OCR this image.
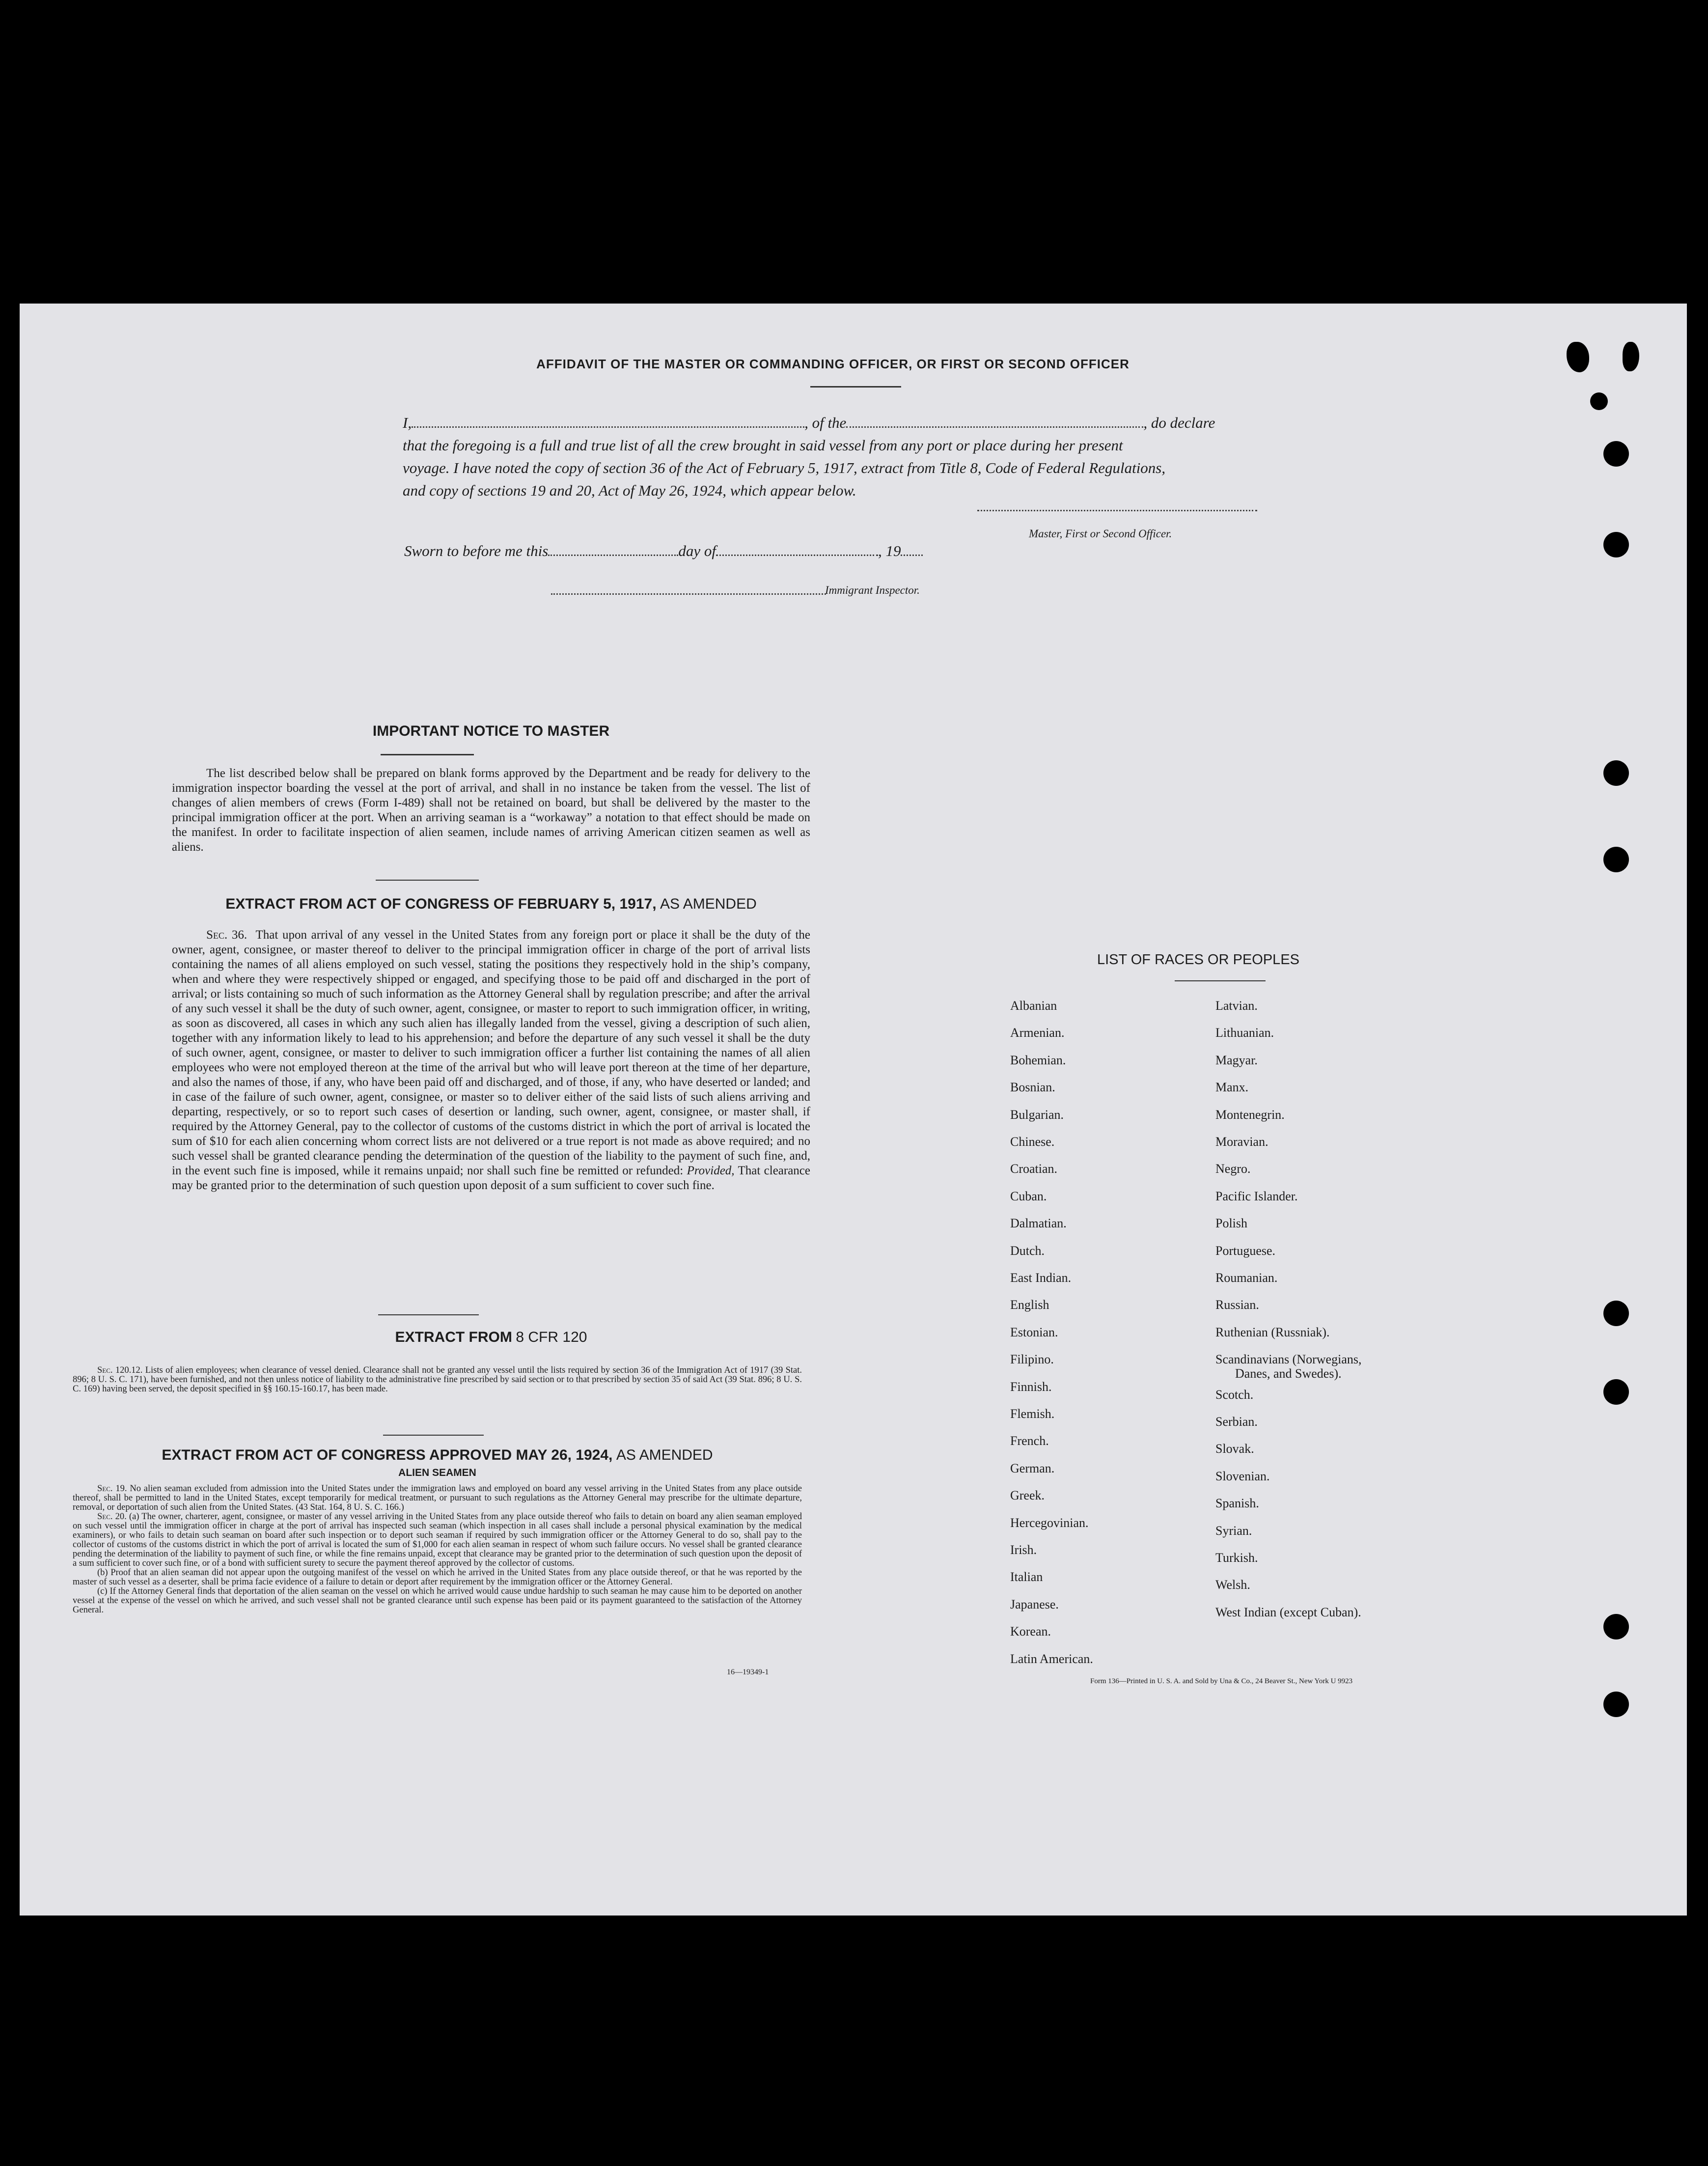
AFFIDAVIT OF THE MASTER OR COMMANDING OFFICER, OR FIRST OR SECOND OFFICER

I,	, of the	, do declare

that the foregoing is a full and true list of all the crew brought in said vessel from any port or place during her present

voyage. I have noted the copy of section 36 of the Act of February 5, 1917, extract from Title 8, Code of Federal Regulations,

and copy of sections 19 and 20, Act of May 26, 1924, which appear below.

Master, First or Second Officer.
Sworn to before me this	day of	, 19
Immigrant Inspector.
IMPORTANT NOTICE TO MASTER

The list described below shall be prepared on blank forms approved by the Department and be ready for delivery to the immigration inspector boarding the vessel at the port of arrival, and shall in no instance be taken from the vessel. The list of changes of alien members of crews (Form I-489) shall not be retained on board, but shall be delivered by the master to the principal immigration officer at the port. When an arriving seaman is a “workaway” a notation to that effect should be made on the manifest. In order to facilitate inspection of alien seamen, include names of arriving American citizen seamen as well as aliens.

EXTRACT FROM ACT OF CONGRESS OF FEBRUARY 5, 1917, AS AMENDED

Sec. 36. That upon arrival of any vessel in the United States from any foreign port or place it shall be the duty of the owner, agent, consignee, or master thereof to deliver to the principal immigration officer in charge of the port of arrival lists containing the names of all aliens employed on such vessel, stating the positions they respectively hold in the ship’s company, when and where they were respectively shipped or engaged, and specifying those to be paid off and discharged in the port of arrival; or lists containing so much of such information as the Attorney General shall by regulation prescribe; and after the arrival of any such vessel it shall be the duty of such owner, agent, consignee, or master to report to such immigration officer, in writing, as soon as discovered, all cases in which any such alien has illegally landed from the vessel, giving a description of such alien, together with any information likely to lead to his apprehension; and before the departure of any such vessel it shall be the duty of such owner, agent, consignee, or master to deliver to such immigration officer a further list containing the names of all alien employees who were not employed thereon at the time of the arrival but who will leave port thereon at the time of her departure, and also the names of those, if any, who have been paid off and discharged, and of those, if any, who have deserted or landed; and in case of the failure of such owner, agent, consignee, or master so to deliver either of the said lists of such aliens arriving and departing, respectively, or so to report such cases of desertion or landing, such owner, agent, consignee, or master shall, if required by the Attorney General, pay to the collector of customs of the customs district in which the port of arrival is located the sum of $10 for each alien concerning whom correct lists are not delivered or a true report is not made as above required; and no such vessel shall be granted clearance pending the determination of the question of the liability to the payment of such fine, and, in the event such fine is imposed, while it remains unpaid; nor shall such fine be remitted or refunded: Provided, That clearance may be granted prior to the determination of such question upon deposit of a sum sufficient to cover such fine.

EXTRACT FROM 8 CFR 120

Sec. 120.12. Lists of alien employees; when clearance of vessel denied. Clearance shall not be granted any vessel until the lists required by section 36 of the Immigration Act of 1917 (39 Stat. 896; 8 U. S. C. 171), have been furnished, and not then unless notice of liability to the administrative fine prescribed by said section or to that prescribed by section 35 of said Act (39 Stat. 896; 8 U. S. C. 169) having been served, the deposit specified in §§ 160.15-160.17, has been made.

EXTRACT FROM ACT OF CONGRESS APPROVED MAY 26, 1924, AS AMENDED
ALIEN SEAMEN

Sec. 19. No alien seaman excluded from admission into the United States under the immigration laws and employed on board any vessel arriving in the United States from any place outside thereof, shall be permitted to land in the United States, except temporarily for medical treatment, or pursuant to such regulations as the Attorney General may prescribe for the ultimate departure, removal, or deportation of such alien from the United States. (43 Stat. 164, 8 U. S. C. 166.)

Sec. 20. (a) The owner, charterer, agent, consignee, or master of any vessel arriving in the United States from any place outside thereof who fails to detain on board any alien seaman employed on such vessel until the immigration officer in charge at the port of arrival has inspected such seaman (which inspection in all cases shall include a personal physical examination by the medical examiners), or who fails to detain such seaman on board after such inspection or to deport such seaman if required by such immigration officer or the Attorney General to do so, shall pay to the collector of customs of the customs district in which the port of arrival is located the sum of $1,000 for each alien seaman in respect of whom such failure occurs. No vessel shall be granted clearance pending the determination of the liability to payment of such fine, or while the fine remains unpaid, except that clearance may be granted prior to the determination of such question upon the deposit of a sum sufficient to cover such fine, or of a bond with sufficient surety to secure the payment thereof approved by the collector of customs.

(b) Proof that an alien seaman did not appear upon the outgoing manifest of the vessel on which he arrived in the United States from any place outside thereof, or that he was reported by the master of such vessel as a deserter, shall be prima facie evidence of a failure to detain or deport after requirement by the immigration officer or the Attorney General.

(c) If the Attorney General finds that deportation of the alien seaman on the vessel on which he arrived would cause undue hardship to such seaman he may cause him to be deported on another vessel at the expense of the vessel on which he arrived, and such vessel shall not be granted clearance until such expense has been paid or its payment guaranteed to the satisfaction of the Attorney General.

16—19349-1
LIST OF RACES OR PEOPLES
Albanian
Armenian.
Bohemian.
Bosnian.
Bulgarian.
Chinese.
Croatian.
Cuban.
Dalmatian.
Dutch.
East Indian.
English
Estonian.
Filipino.
Finnish.
Flemish.
French.
German.
Greek.
Hercegovinian.
Irish.
Italian
Japanese.
Korean.
Latin American.
Latvian.
Lithuanian.
Magyar.
Manx.
Montenegrin.
Moravian.
Negro.
Pacific Islander.
Polish
Portuguese.
Roumanian.
Russian.
Ruthenian (Russniak).
Scandinavians (Norwegians,
Danes, and Swedes).
Scotch.
Serbian.
Slovak.
Slovenian.
Spanish.
Syrian.
Turkish.
Welsh.
West Indian (except Cuban).
Form 136—Printed in U. S. A. and Sold by Una & Co., 24 Beaver St., New York U 9923
